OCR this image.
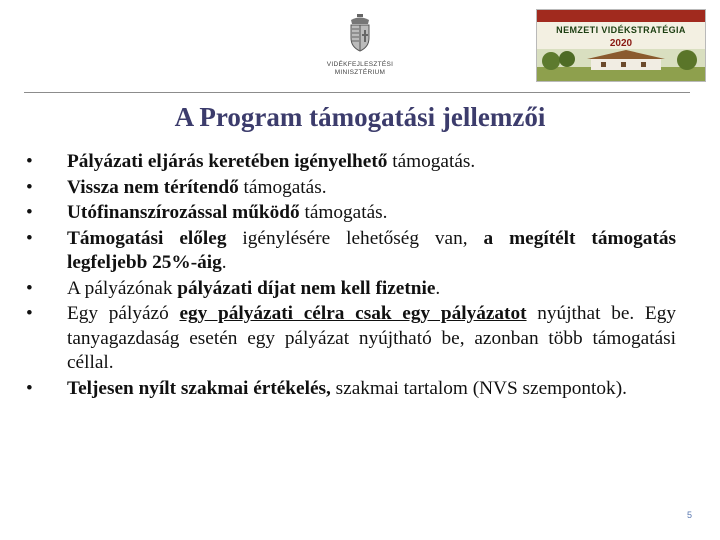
VIDÉKFEJLESZTÉSI
MINISZTÉRIUM
NEMZETI VIDÉKSTRATÉGIA
2020
A Program támogatási jellemzői
•	Pályázati eljárás keretében igényelhető támogatás.
•	Vissza nem térítendő támogatás.
•	Utófinanszírozással működő támogatás.
•	Támogatási előleg igénylésére lehetőség van, a megítélt támogatás legfeljebb 25%-áig.
•	A pályázónak pályázati díjat nem kell fizetnie.
•	Egy pályázó egy pályázati célra csak egy pályázatot nyújthat be. Egy tanyagazdaság esetén egy pályázat nyújtható be, azonban több támogatási céllal.
•	Teljesen nyílt szakmai értékelés, szakmai tartalom (NVS szempontok).
5
